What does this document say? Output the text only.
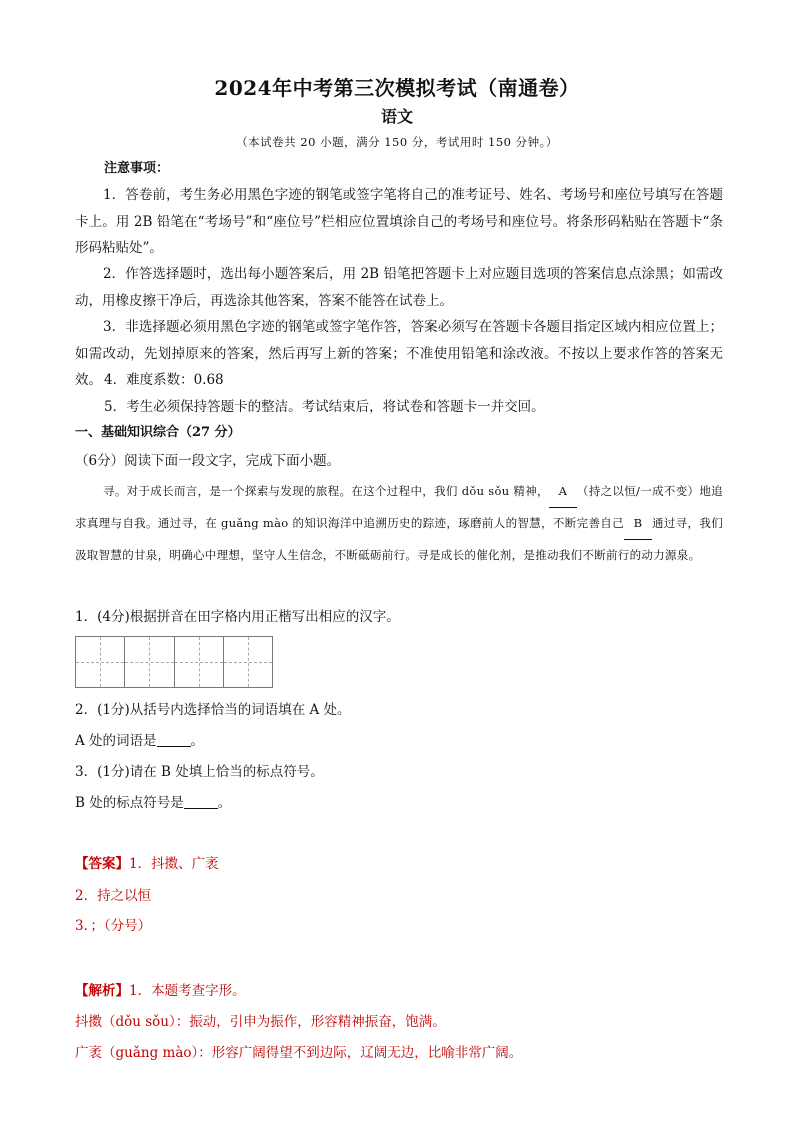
2024年中考第三次模拟考试（南通卷）
语文
（本试卷共 20 小题，满分 150 分，考试用时 150 分钟。）
注意事项：
1．答卷前，考生务必用黑色字迹的钢笔或签字笔将自己的准考证号、姓名、考场号和座位号填写在答题卡上。用 2B 铅笔在“考场号”和“座位号”栏相应位置填涂自己的考场号和座位号。将条形码粘贴在答题卡“条形码粘贴处”。
2．作答选择题时，选出每小题答案后，用 2B 铅笔把答题卡上对应题目选项的答案信息点涂黑；如需改动，用橡皮擦干净后，再选涂其他答案，答案不能答在试卷上。
3．非选择题必须用黑色字迹的钢笔或签字笔作答，答案必须写在答题卡各题目指定区域内相应位置上；如需改动，先划掉原来的答案，然后再写上新的答案；不准使用铅笔和涂改液。不按以上要求作答的答案无效。 4．难度系数：0.68
5．考生必须保持答题卡的整洁。考试结束后，将试卷和答题卡一并交回。
一、基础知识综合（27 分）
（6分）阅读下面一段文字，完成下面小题。
寻。对于成长而言，是一个探索与发现的旅程。在这个过程中，我们 dǒu sǒu 精神， A （持之以恒/一成不变）地追求真理与自我。通过寻，在 guǎng mào 的知识海洋中追溯历史的踪迹，琢磨前人的智慧，不断完善自己 B 通过寻，我们汲取智慧的甘泉，明确心中理想，坚守人生信念，不断砥砺前行。寻是成长的催化剂，是推动我们不断前行的动力源泉。
1．(4分)根据拼音在田字格内用正楷写出相应的汉字。
2．(1分)从括号内选择恰当的词语填在 A 处。
A 处的词语是	。
3．(1分)请在 B 处填上恰当的标点符号。
B 处的标点符号是	。
【答案】1．抖擞、广袤
2．持之以恒
3．；（分号）
【解析】1．本题考查字形。
抖擞（dǒu sǒu）：振动，引申为振作，形容精神振奋，饱满。
广袤（guǎng mào）：形容广阔得望不到边际，辽阔无边，比喻非常广阔。
